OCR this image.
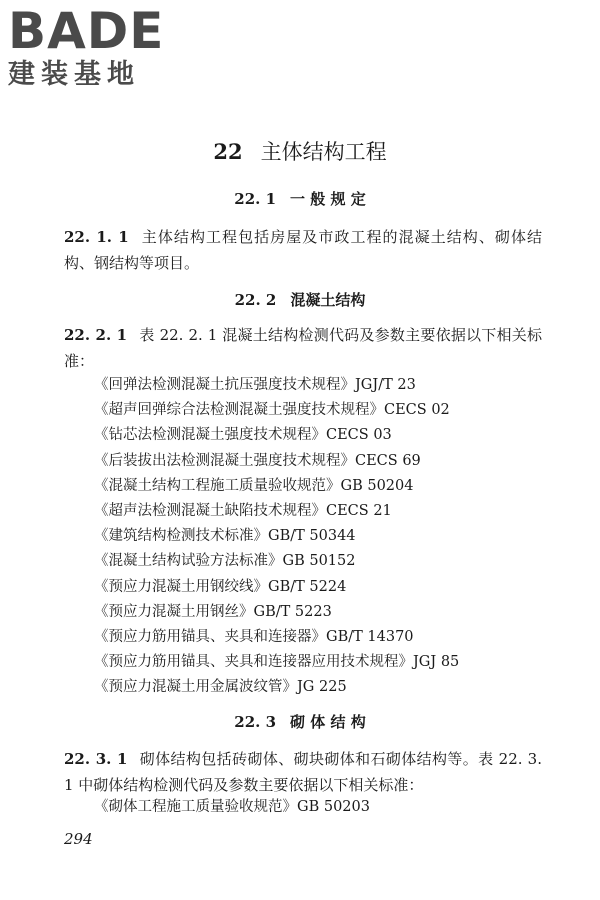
BADE
建装基地
22 主体结构工程
22. 1 一 般 规 定
22. 1. 1 主体结构工程包括房屋及市政工程的混凝土结构、砌体结构、钢结构等项目。
22. 2 混凝土结构
22. 2. 1 表 22. 2. 1 混凝土结构检测代码及参数主要依据以下相关标准：
《回弹法检测混凝土抗压强度技术规程》JGJ/T 23
《超声回弹综合法检测混凝土强度技术规程》CECS 02
《钻芯法检测混凝土强度技术规程》CECS 03
《后装拔出法检测混凝土强度技术规程》CECS 69
《混凝土结构工程施工质量验收规范》GB 50204
《超声法检测混凝土缺陷技术规程》CECS 21
《建筑结构检测技术标准》GB/T 50344
《混凝土结构试验方法标准》GB 50152
《预应力混凝土用钢绞线》GB/T 5224
《预应力混凝土用钢丝》GB/T 5223
《预应力筋用锚具、夹具和连接器》GB/T 14370
《预应力筋用锚具、夹具和连接器应用技术规程》JGJ 85
《预应力混凝土用金属波纹管》JG 225
22. 3 砌 体 结 构
22. 3. 1 砌体结构包括砖砌体、砌块砌体和石砌体结构等。表 22. 3. 1 中砌体结构检测代码及参数主要依据以下相关标准：
《砌体工程施工质量验收规范》GB 50203
294
